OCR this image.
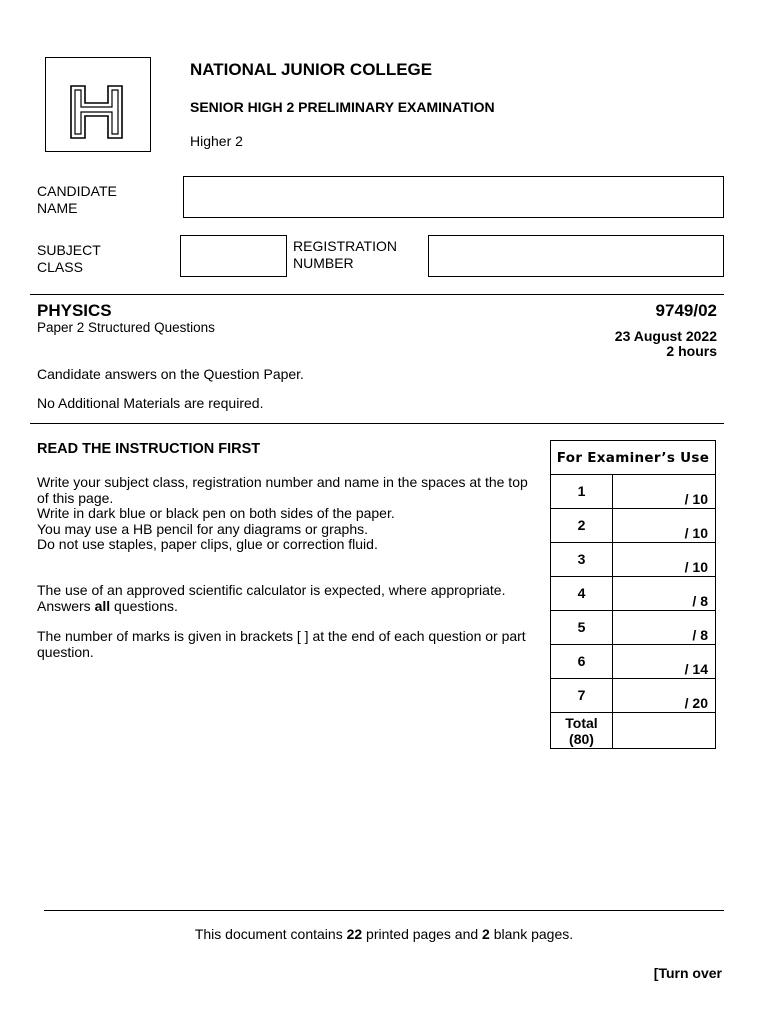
NATIONAL JUNIOR COLLEGE
SENIOR HIGH 2 PRELIMINARY EXAMINATION
Higher 2
CANDIDATE
NAME
SUBJECT
CLASS
REGISTRATION
NUMBER
PHYSICS
Paper 2 Structured Questions
9749/02
23 August 2022
2 hours
Candidate answers on the Question Paper.
No Additional Materials are required.
READ THE INSTRUCTION FIRST
Write your subject class, registration number and name in the spaces at the top
of this page.
Write in dark blue or black pen on both sides of the paper.
You may use a HB pencil for any diagrams or graphs.
Do not use staples, paper clips, glue or correction fluid.
The use of an approved scientific calculator is expected, where appropriate.
Answers all questions.
The number of marks is given in brackets [ ] at the end of each question or part
question.
For Examiner’s Use	
1	/ 10
2	/ 10
3	/ 10
4	/ 8
5	/ 8
6	/ 14
7	/ 20

Total
(80)	

This document contains 22 printed pages and 2 blank pages.
[Turn over
